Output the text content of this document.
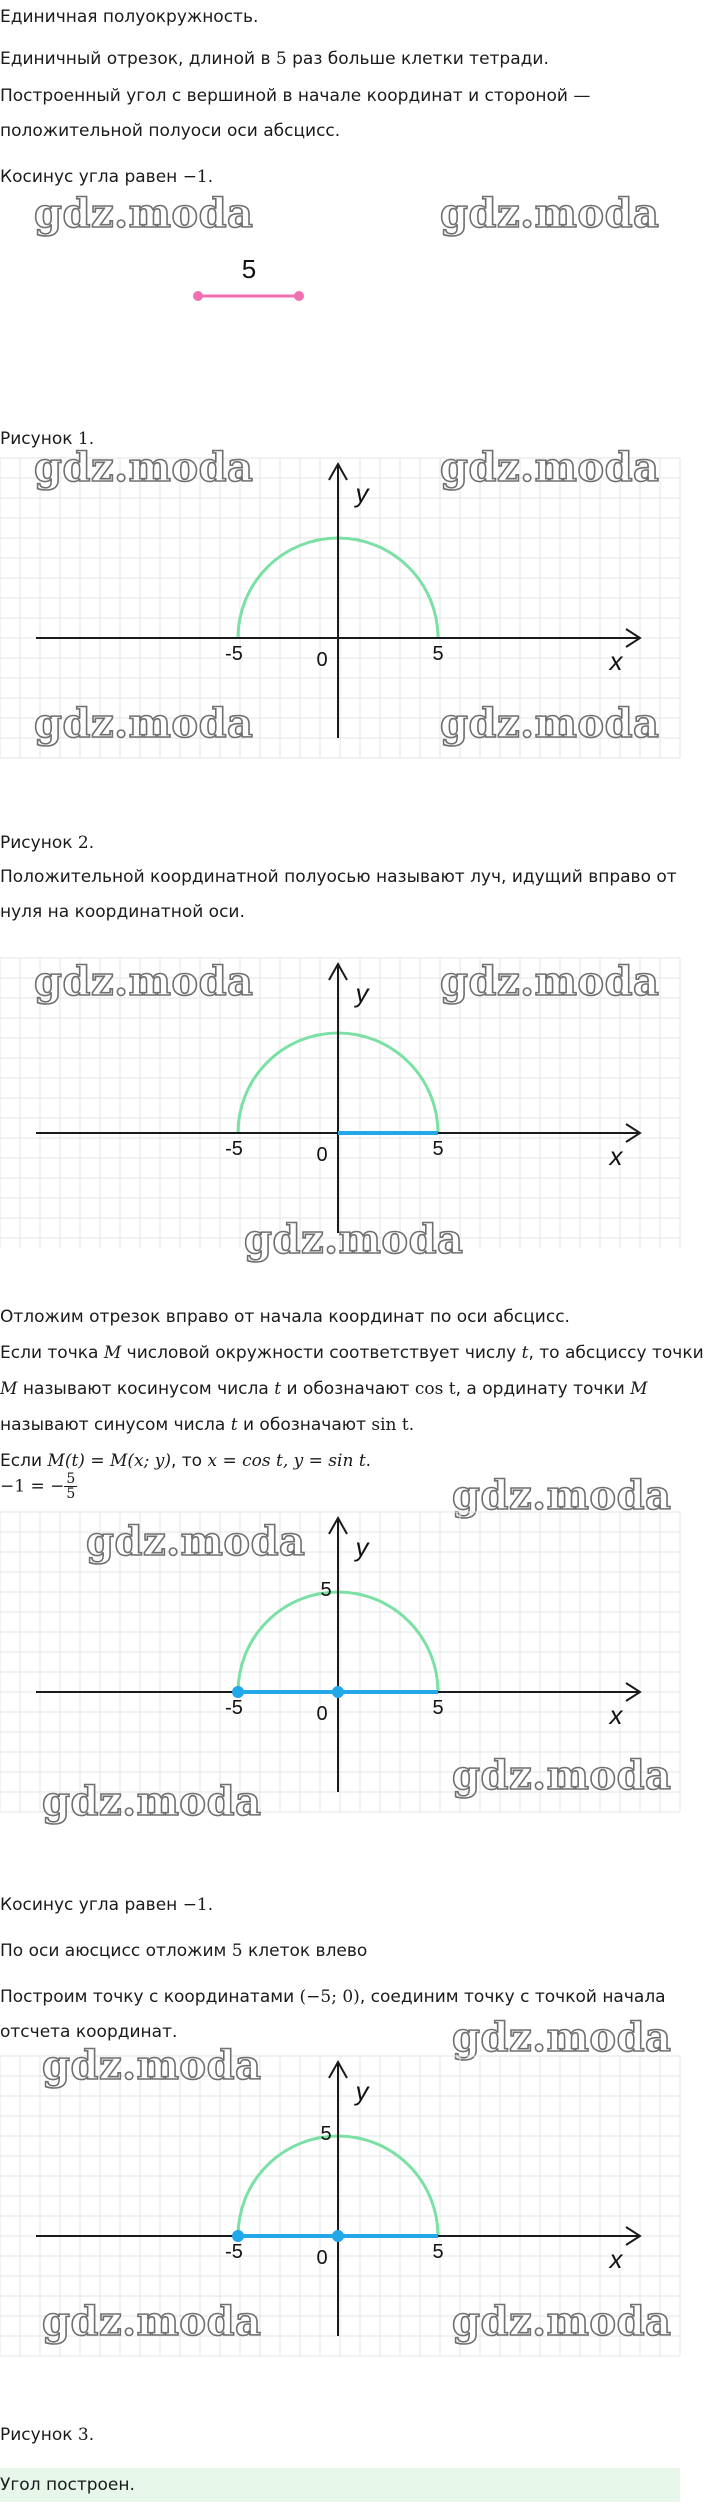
Единичная полуокружность.
Единичный отрезок, длиной в 5 раз больше клетки тетради.
Построенный угол с вершиной в начале координат и стороной —
положительной полуоси оси абсцисс.
Косинус угла равен −1.
gdz.moda	gdz.moda
5
Рисунок 1.
-5	5
0
y
x
gdz.moda	gdz.moda
gdz.moda	gdz.moda
Рисунок 2.
Положительной координатной полуосью называют луч, идущий вправо от
нуля на координатной оси.
-5	5
0
y
x
gdz.moda	gdz.moda
gdz.moda
Отложим отрезок вправо от начала координат по оси абсцисс.
Если точка M числовой окружности соответствует числу t, то абсциссу точки
M называют косинусом числа t и обозначают cos t, а ординату точки M
называют синусом числа t и обозначают sin t.
Если M(t) = M(x; y), то x = cos t, y = sin t.
−1 = − $\frac{5}{5}$	gdz.moda
-5	5
0
y
x
5
gdz.moda
gdz.moda
gdz.moda
Косинус угла равен −1.
По оси аюсцисс отложим 5 клеток влево
Построим точку с координатами (−5; 0), соединим точку с точкой начала
отсчета координат.	gdz.moda
-5	5
0
y
x
5
gdz.moda
gdz.moda	gdz.moda
Рисунок 3.
Угол построен.
